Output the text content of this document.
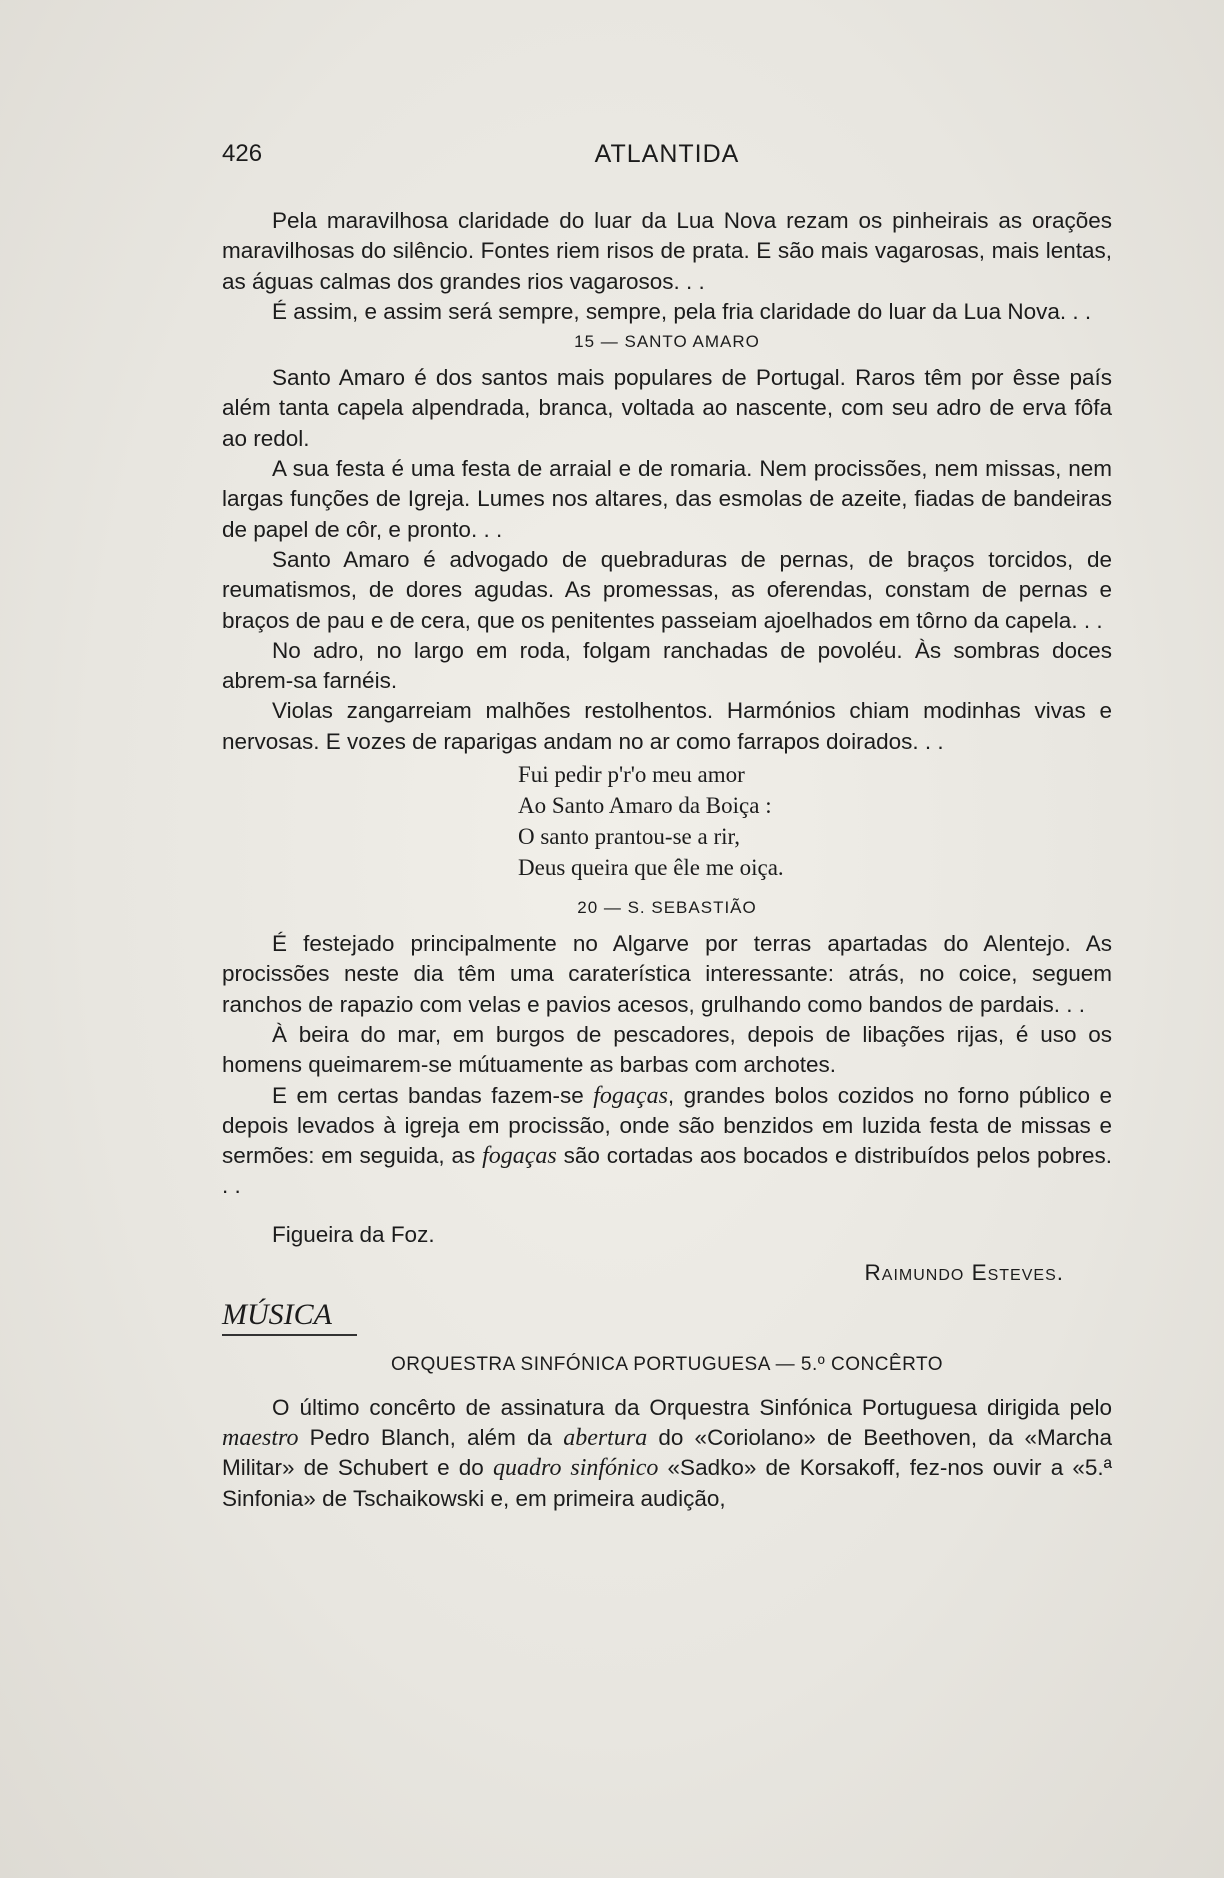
426	ATLANTIDA

Pela maravilhosa claridade do luar da Lua Nova rezam os pinheirais as orações maravilhosas do silêncio. Fontes riem risos de prata. E são mais vagarosas, mais lentas, as águas calmas dos grandes rios vagarosos. . .

É assim, e assim será sempre, sempre, pela fria claridade do luar da Lua Nova. . .

15 — SANTO AMARO

Santo Amaro é dos santos mais populares de Portugal. Raros têm por êsse país além tanta capela alpendrada, branca, voltada ao nascente, com seu adro de erva fôfa ao redol.

A sua festa é uma festa de arraial e de romaria. Nem procissões, nem missas, nem largas funções de Igreja. Lumes nos altares, das esmolas de azeite, fiadas de bandeiras de papel de côr, e pronto. . .

Santo Amaro é advogado de quebraduras de pernas, de braços torcidos, de reumatismos, de dores agudas. As promessas, as oferendas, constam de pernas e braços de pau e de cera, que os penitentes passeiam ajoelhados em tôrno da capela. . .

No adro, no largo em roda, folgam ranchadas de povoléu. Às sombras doces abrem-sa farnéis.

Violas zangarreiam malhões restolhentos. Harmónios chiam modinhas vivas e nervosas. E vozes de raparigas andam no ar como farrapos doirados. . .

Fui pedir p'r'o meu amor
Ao Santo Amaro da Boiça :
O santo prantou-se a rir,
Deus queira que êle me oiça.
20 — S. SEBASTIÃO

É festejado principalmente no Algarve por terras apartadas do Alentejo. As procissões neste dia têm uma caraterística interessante: atrás, no coice, seguem ranchos de rapazio com velas e pavios acesos, grulhando como bandos de pardais. . .

À beira do mar, em burgos de pescadores, depois de libações rijas, é uso os homens queimarem-se mútuamente as barbas com archotes.

E em certas bandas fazem-se fogaças, grandes bolos cozidos no forno público e depois levados à igreja em procissão, onde são benzidos em luzida festa de missas e sermões: em seguida, as fogaças são cortadas aos bocados e distribuídos pelos pobres. . .

Figueira da Foz.

Raimundo Esteves.
MÚSICA
ORQUESTRA SINFÓNICA PORTUGUESA — 5.º CONCÊRTO

O último concêrto de assinatura da Orquestra Sinfónica Portuguesa dirigida pelo maestro Pedro Blanch, além da abertura do «Coriolano» de Beethoven, da «Marcha Militar» de Schubert e do quadro sinfónico «Sadko» de Korsakoff, fez-nos ouvir a «5.ª Sinfonia» de Tschaikowski e, em primeira audição,
